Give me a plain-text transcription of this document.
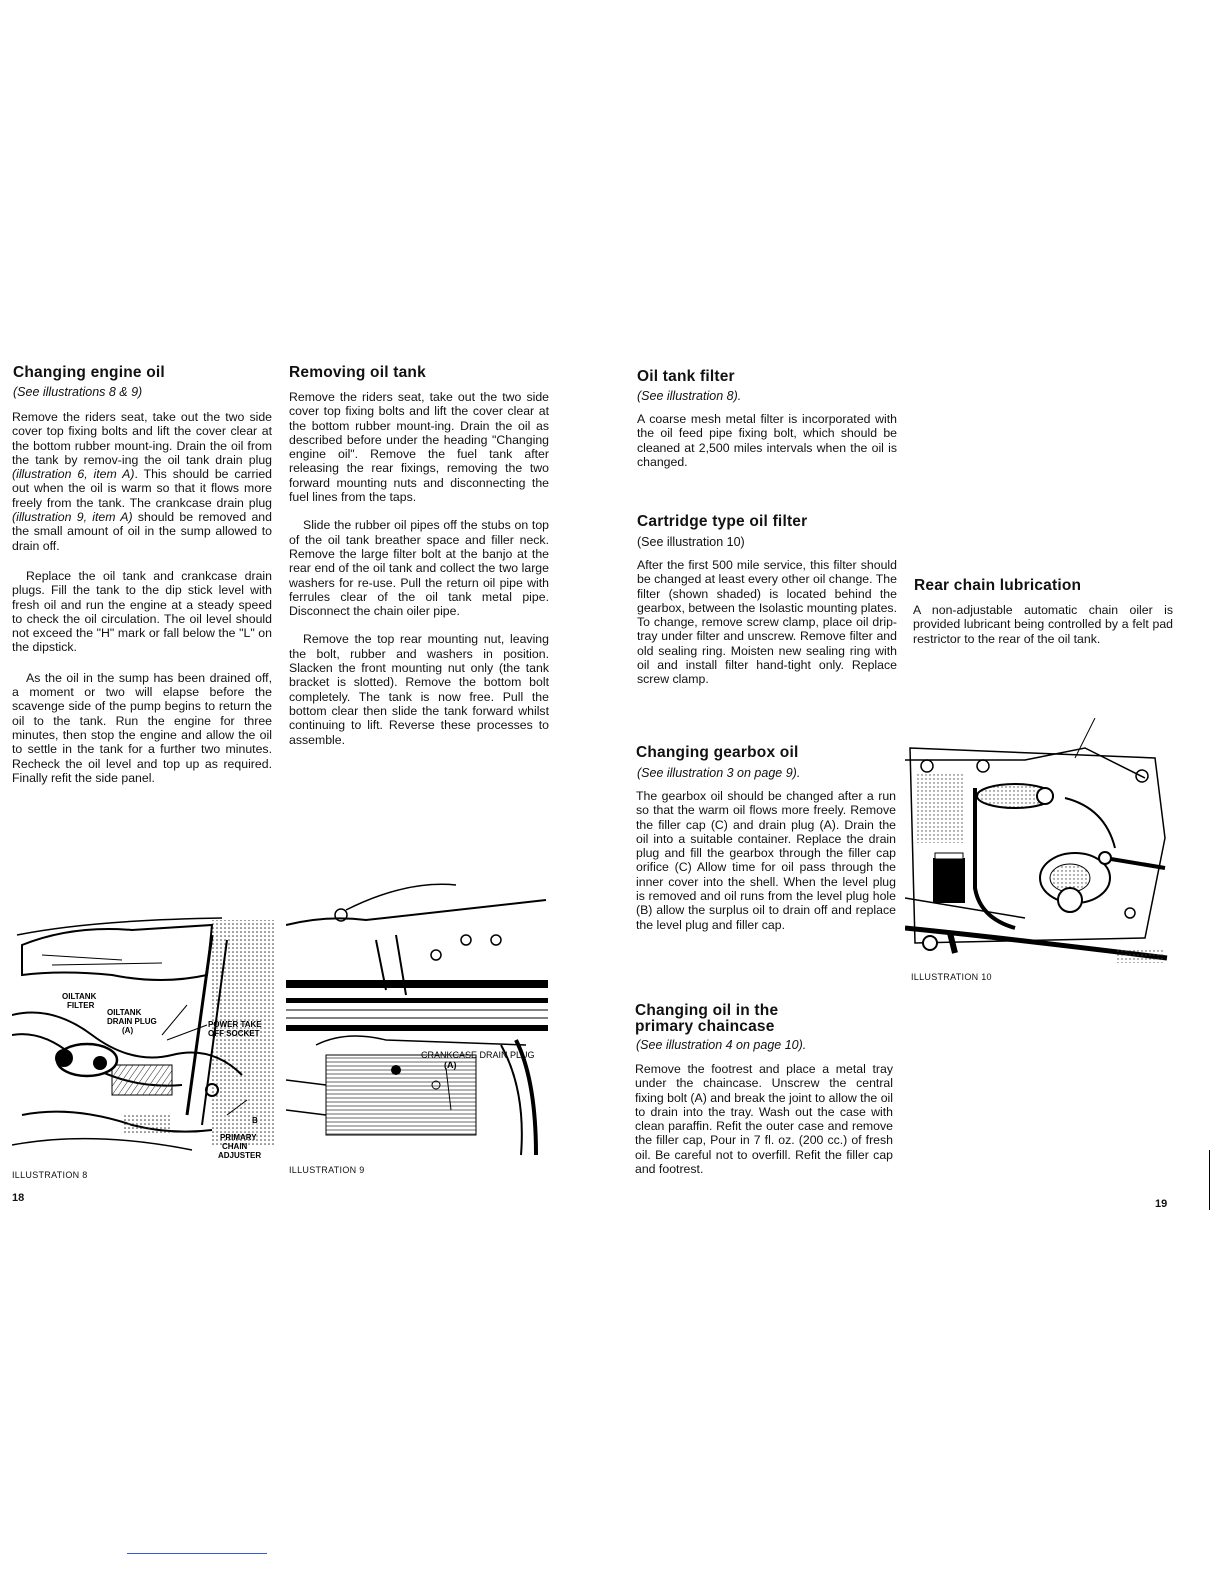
Changing engine oil
(See illustrations 8 & 9)

Remove the riders seat, take out the two side cover top fixing bolts and lift the cover clear at the bottom rubber mount-ing. Drain the oil from the tank by remov-ing the oil tank drain plug (illustration 6, item A). This should be carried out when the oil is warm so that it flows more freely from the tank. The crankcase drain plug (illustration 9, item A) should be removed and the small amount of oil in the sump allowed to drain off.

Replace the oil tank and crankcase drain plugs. Fill the tank to the dip stick level with fresh oil and run the engine at a steady speed to check the oil circulation. The oil level should not exceed the "H" mark or fall below the "L" on the dipstick.

As the oil in the sump has been drained off, a moment or two will elapse before the scavenge side of the pump begins to return the oil to the tank. Run the engine for three minutes, then stop the engine and allow the oil to settle in the tank for a further two minutes. Recheck the oil level and top up as required. Finally refit the side panel.

Removing oil tank

Remove the riders seat, take out the two side cover top fixing bolts and lift the cover clear at the bottom rubber mount-ing. Drain the oil as described before under the heading "Changing engine oil". Remove the fuel tank after releasing the rear fixings, removing the two forward mounting nuts and disconnecting the fuel lines from the taps.

Slide the rubber oil pipes off the stubs on top of the oil tank breather space and filler neck. Remove the large filter bolt at the banjo at the rear end of the oil tank and collect the two large washers for re-use. Pull the return oil pipe with ferrules clear of the oil tank metal pipe. Disconnect the chain oiler pipe.

Remove the top rear mounting nut, leaving the bolt, rubber and washers in position. Slacken the front mounting nut only (the tank bracket is slotted). Remove the bottom bolt completely. The tank is now free. Pull the bottom clear then slide the tank forward whilst continuing to lift. Reverse these processes to assemble.

OILTANK
FILTER
OILTANK
DRAIN PLUG
(A)
POWER TAKE
OFF SOCKET
B
PRIMARY
CHAIN
ADJUSTER
ILLUSTRATION 8
CRANKCASE DRAIN PLUG
(A)
ILLUSTRATION 9
18
Oil tank filter
(See illustration 8).
A coarse mesh metal filter is incorporated with the oil feed pipe fixing bolt, which should be cleaned at 2,500 miles intervals when the oil is changed.
Cartridge type oil filter
(See illustration 10)
After the first 500 mile service, this filter should be changed at least every other oil change. The filter (shown shaded) is located behind the gearbox, between the Isolastic mounting plates. To change, remove screw clamp, place oil drip-tray under filter and unscrew. Remove filter and old sealing ring. Moisten new sealing ring with oil and install filter hand-tight only. Replace screw clamp.
Changing gearbox oil
(See illustration 3 on page 9).
The gearbox oil should be changed after a run so that the warm oil flows more freely. Remove the filler cap (C) and drain plug (A). Drain the oil into a suitable container. Replace the drain plug and fill the gearbox through the filler cap orifice (C) Allow time for oil pass through the inner cover into the shell. When the level plug is removed and oil runs from the level plug hole (B) allow the surplus oil to drain off and replace the level plug and filler cap.
Changing oil in the
primary chaincase
(See illustration 4 on page 10).
Remove the footrest and place a metal tray under the chaincase. Unscrew the central fixing bolt (A) and break the joint to allow the oil to drain into the tray. Wash out the case with clean paraffin. Refit the outer case and remove the filler cap, Pour in 7 fl. oz. (200 cc.) of fresh oil. Be careful not to overfill. Refit the filler cap and footrest.
Rear chain lubrication
A non-adjustable automatic chain oiler is provided lubricant being controlled by a felt pad restrictor to the rear of the oil tank.
ILLUSTRATION 10
19
